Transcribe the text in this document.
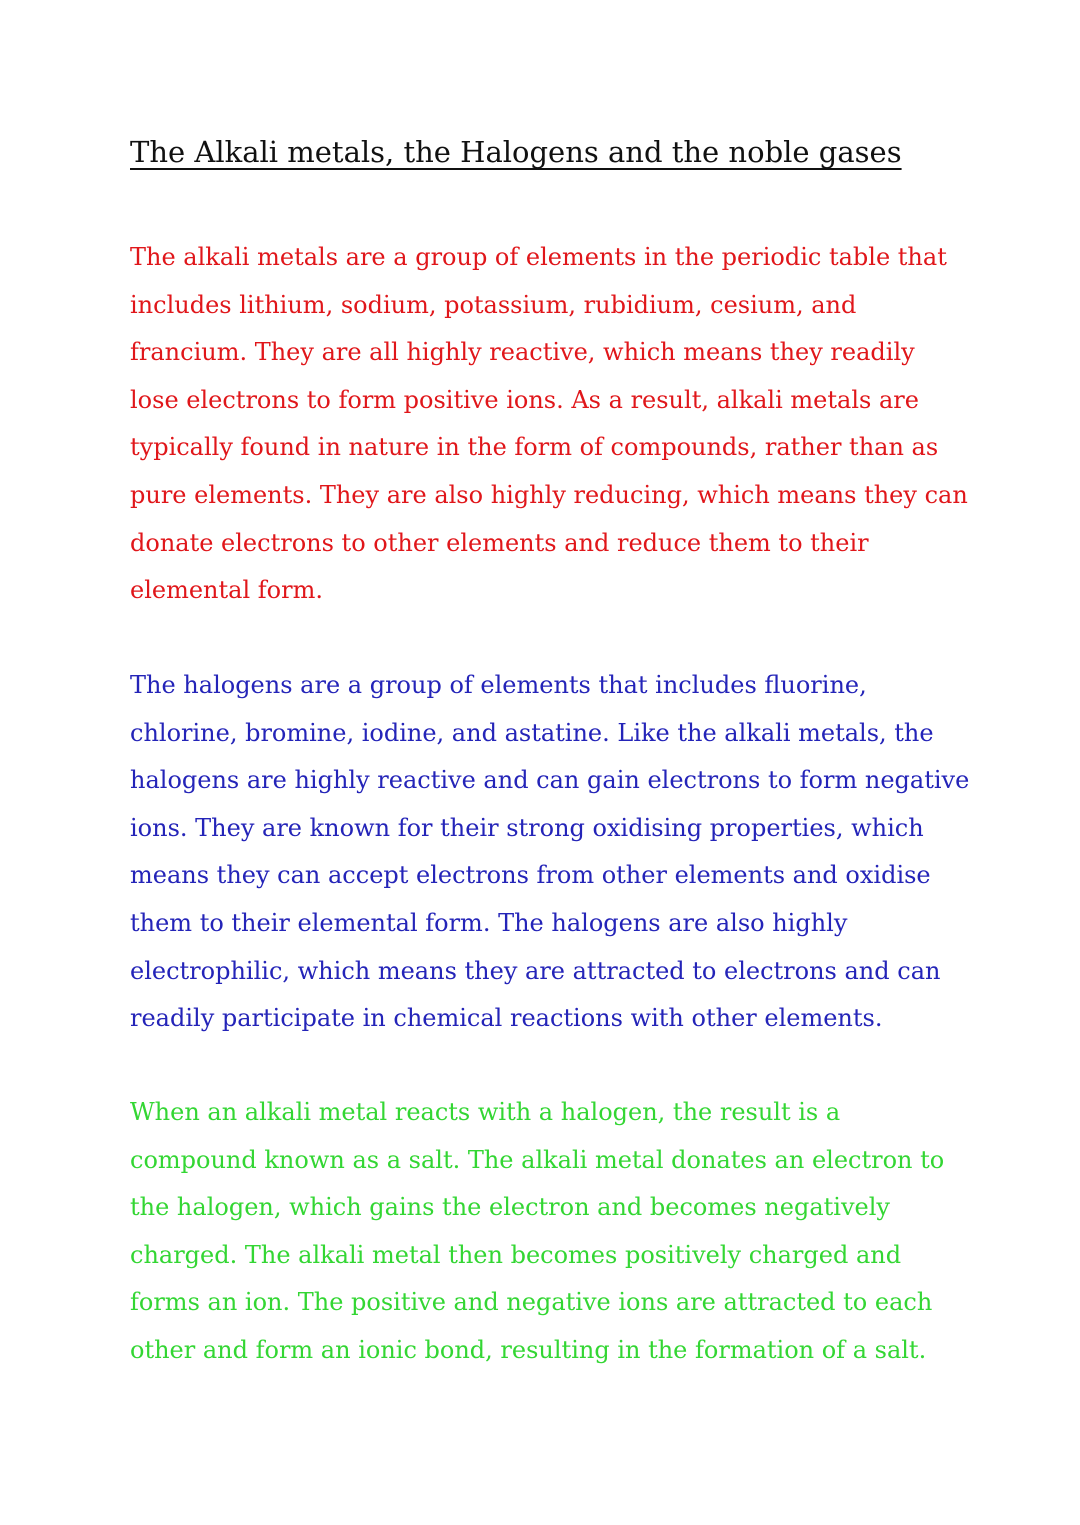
The Alkali metals, the Halogens and the noble gases

The alkali metals are a group of elements in the periodic table that
includes lithium, sodium, potassium, rubidium, cesium, and
francium. They are all highly reactive, which means they readily
lose electrons to form positive ions. As a result, alkali metals are
typically found in nature in the form of compounds, rather than as
pure elements. They are also highly reducing, which means they can
donate electrons to other elements and reduce them to their
elemental form.

The halogens are a group of elements that includes fluorine,
chlorine, bromine, iodine, and astatine. Like the alkali metals, the
halogens are highly reactive and can gain electrons to form negative
ions. They are known for their strong oxidising properties, which
means they can accept electrons from other elements and oxidise
them to their elemental form. The halogens are also highly
electrophilic, which means they are attracted to electrons and can
readily participate in chemical reactions with other elements.

When an alkali metal reacts with a halogen, the result is a
compound known as a salt. The alkali metal donates an electron to
the halogen, which gains the electron and becomes negatively
charged. The alkali metal then becomes positively charged and
forms an ion. The positive and negative ions are attracted to each
other and form an ionic bond, resulting in the formation of a salt.
